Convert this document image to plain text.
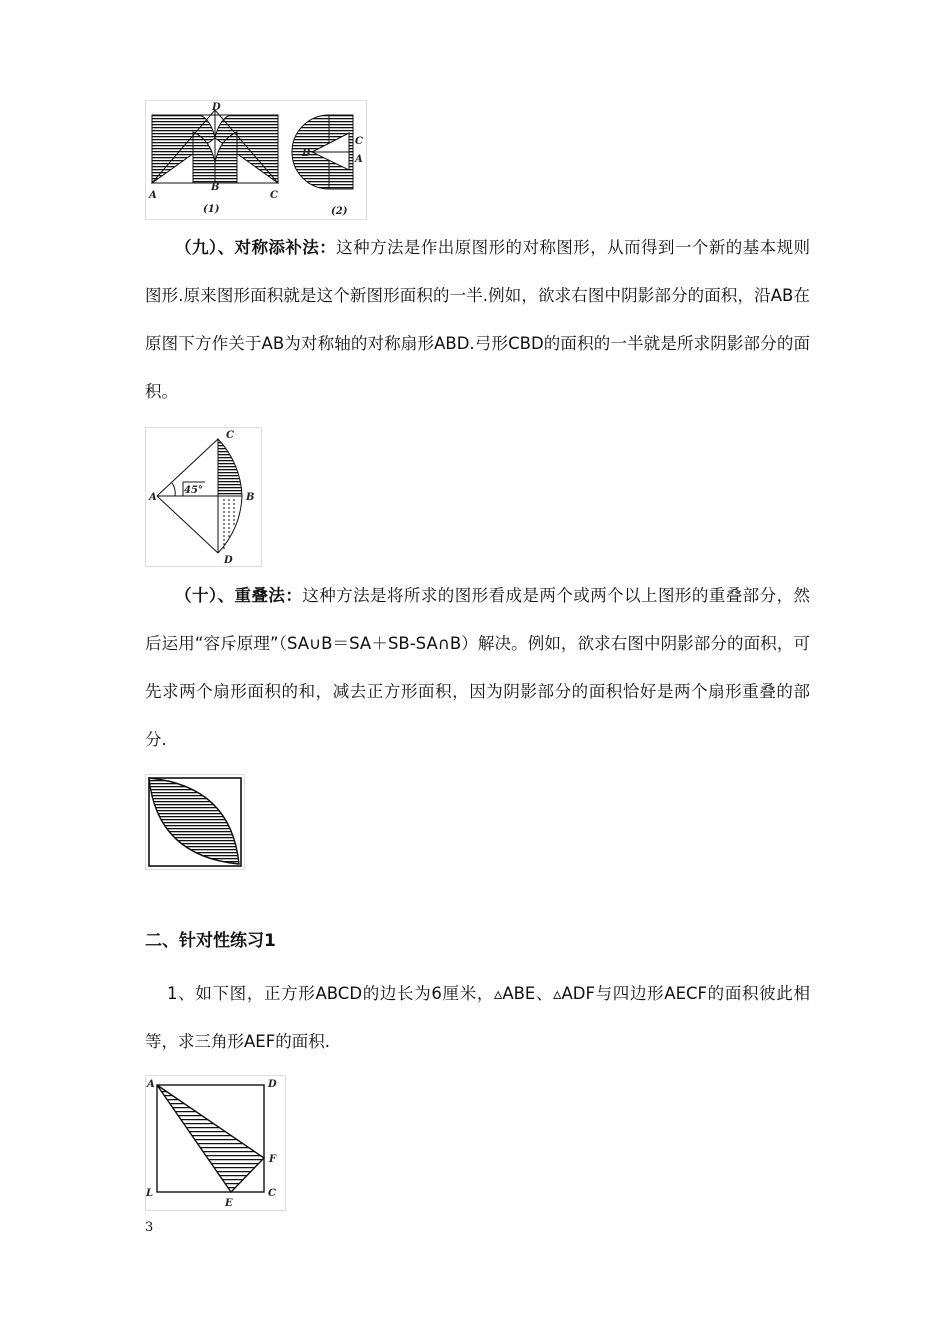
D
A
B
C
(1)
B
C
A
(2)
（九）、对称添补法：这种方法是作出原图形的对称图形，从而得到一个新的基本规则图形.原来图形面积就是这个新图形面积的一半.例如，欲求右图中阴影部分的面积，沿AB在原图下方作关于AB为对称轴的对称扇形ABD.弓形CBD的面积的一半就是所求阴影部分的面积。
C
A
45°
B
D
（十）、重叠法：这种方法是将所求的图形看成是两个或两个以上图形的重叠部分，然后运用“容斥原理”（SA∪B＝SA＋SB-SA∩B）解决。例如，欲求右图中阴影部分的面积，可先求两个扇形面积的和，减去正方形面积，因为阴影部分的面积恰好是两个扇形重叠的部分.
二、针对性练习1
1、如下图，正方形ABCD的边长为6厘米，▵ABE、▵ADF与四边形AECF的面积彼此相等，求三角形AEF的面积.
A	D
F
L
E
C
3
